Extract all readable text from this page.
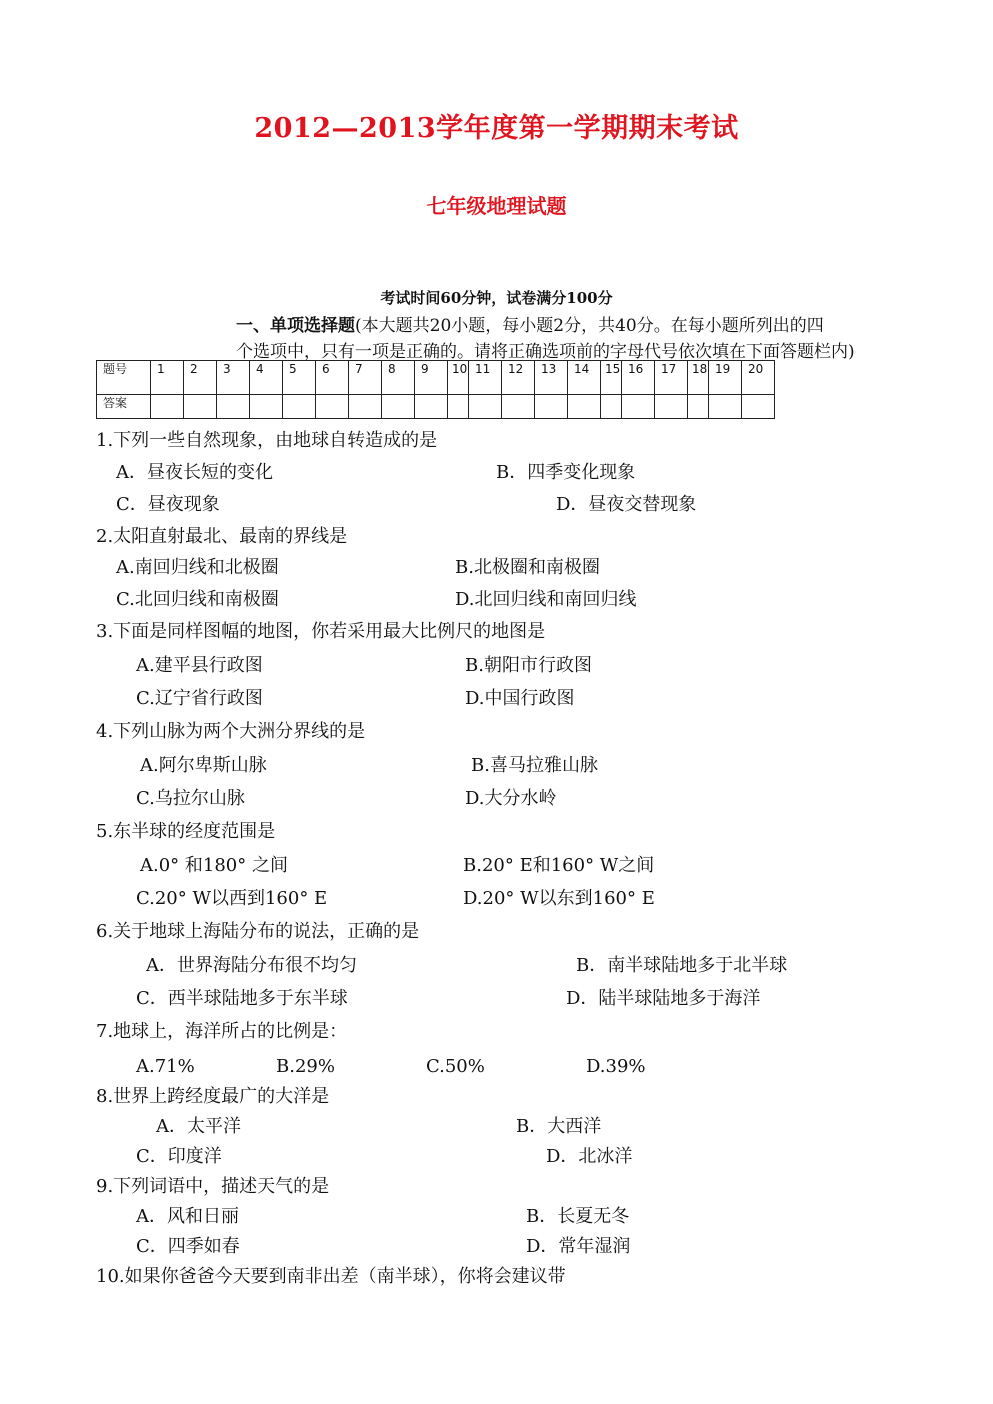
2012—2013学年度第一学期期末考试
七年级地理试题
考试时间60分钟，试卷满分100分
一、单项选择题(本大题共20小题，每小题2分，共40分。在每小题所列出的四
个选项中，只有一项是正确的。请将正确选项前的字母代号依次填在下面答题栏内)
题号	1	2	3	4	5	6	7	8	9	10	11	12	13	14	15	16	17	18	19	20
答案																				
1.下列一些自然现象，由地球自转造成的是
A．昼夜长短的变化	B．四季变化现象
C．昼夜现象	D．昼夜交替现象
2.太阳直射最北、最南的界线是
A.南回归线和北极圈	B.北极圈和南极圈
C.北回归线和南极圈	D.北回归线和南回归线
3.下面是同样图幅的地图，你若采用最大比例尺的地图是
A.建平县行政图	B.朝阳市行政图
C.辽宁省行政图	D.中国行政图
4.下列山脉为两个大洲分界线的是
A.阿尔卑斯山脉	B.喜马拉雅山脉
C.乌拉尔山脉	D.大分水岭
5.东半球的经度范围是
A.0° 和180° 之间	B.20° E和160° W之间
C.20° W以西到160° E	D.20° W以东到160° E
6.关于地球上海陆分布的说法，正确的是
A．世界海陆分布很不均匀	B．南半球陆地多于北半球
C．西半球陆地多于东半球	D．陆半球陆地多于海洋
7.地球上，海洋所占的比例是：
A.71%	B.29%	C.50%	D.39%
8.世界上跨经度最广的大洋是
A．太平洋	B．大西洋
C．印度洋	D．北冰洋
9.下列词语中，描述天气的是
A．风和日丽	B．长夏无冬
C．四季如春	D．常年湿润
10.如果你爸爸今天要到南非出差（南半球），你将会建议带
